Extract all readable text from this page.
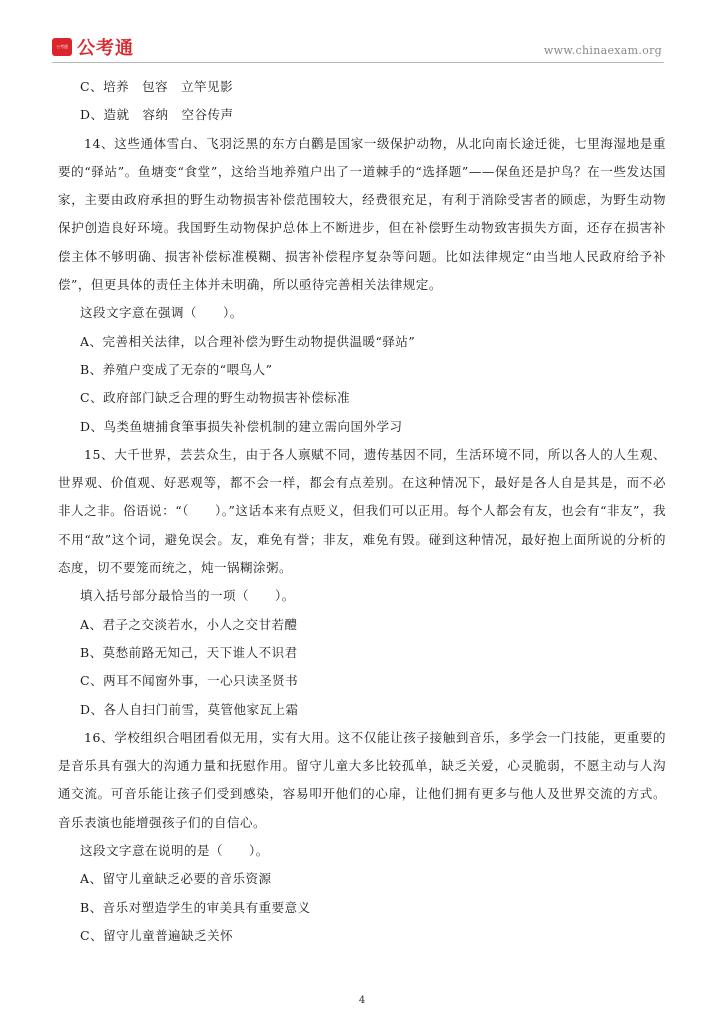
公考通 公考通	www.chinaexam.org
C、培养　包容　立竿见影
D、造就　容纳　空谷传声
14、这些通体雪白、飞羽泛黑的东方白鹳是国家一级保护动物，从北向南长途迁徙，七里海湿地是重要的“驿站”。鱼塘变“食堂”，这给当地养殖户出了一道棘手的“选择题”——保鱼还是护鸟？在一些发达国家，主要由政府承担的野生动物损害补偿范围较大，经费很充足，有利于消除受害者的顾虑，为野生动物保护创造良好环境。我国野生动物保护总体上不断进步，但在补偿野生动物致害损失方面，还存在损害补偿主体不够明确、损害补偿标准模糊、损害补偿程序复杂等问题。比如法律规定“由当地人民政府给予补偿”，但更具体的责任主体并未明确，所以亟待完善相关法律规定。
这段文字意在强调（　　）。
A、完善相关法律，以合理补偿为野生动物提供温暖“驿站”
B、养殖户变成了无奈的“喂鸟人”
C、政府部门缺乏合理的野生动物损害补偿标准
D、鸟类鱼塘捕食筆事损失补偿机制的建立需向国外学习
15、大千世界，芸芸众生，由于各人禀赋不同，遗传基因不同，生活环境不同，所以各人的人生观、世界观、价值观、好恶观等，都不会一样，都会有点差别。在这种情况下，最好是各人自是其是，而不必非人之非。俗语说：“（　　）。”这话本来有点贬义，但我们可以正用。每个人都会有友，也会有“非友”，我不用“敌”这个词，避免误会。友，难免有誉；非友，难免有毁。碰到这种情况，最好抱上面所说的分析的态度，切不要笼而统之，炖一锅糊涂粥。
填入括号部分最恰当的一项（　　）。
A、君子之交淡若水，小人之交甘若醴
B、莫愁前路无知己，天下谁人不识君
C、两耳不闻窗外事，一心只读圣贤书
D、各人自扫门前雪，莫管他家瓦上霜
16、学校组织合唱团看似无用，实有大用。这不仅能让孩子接触到音乐，多学会一门技能，更重要的是音乐具有强大的沟通力量和抚慰作用。留守儿童大多比较孤单，缺乏关爱，心灵脆弱，不愿主动与人沟通交流。可音乐能让孩子们受到感染，容易叩开他们的心扉，让他们拥有更多与他人及世界交流的方式。音乐表演也能增强孩子们的自信心。
这段文字意在说明的是（　　）。
A、留守儿童缺乏必要的音乐资源
B、音乐对塑造学生的审美具有重要意义
C、留守儿童普遍缺乏关怀
4
